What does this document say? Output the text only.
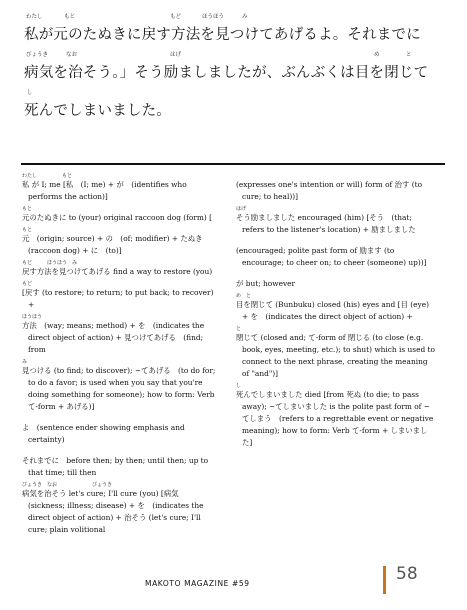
わたし	もと	もど	ほうほう	み
私が元のたぬきに戻す方法を見つけてあげるよ。それまでに
びょうき	なお	はげ	め	と
病気を治そう。」そう励ましましたが、ぶんぶくは目を閉じて
し
死んでしまいました。
わたし　　　　　もと
私 が I; me [私　(I; me) + が　(identifies who performs the action)]
もと
元のたぬきに to (your) original raccoon dog (form) [
もと
元　(origin; source) + の　(of; modifier) + たぬき (raccoon dog) + に　(to)]
もど　　　ほうほう　み
戻す方法を見つけてあげる find a way to restore (you)
もど
[戻す (to restore; to return; to put back; to recover) +
ほうほう
方法　(way; means; method) + を　(indicates the direct object of action) + 見つけてあげる　(find; from
み
見つける (to find; to discover); ~てあげる　(to do for; to do a favor; is used when you say that you're doing something for someone); how to form: Verb て-form + あげる)]
よ　(sentence ender showing emphasis and certainty)
それまでに　before then; by then; until then; up to that time; till then
びょうき　なお　　　　　　　びょうき
病気を治そう let's cure; I'll cure (you) [病気　(sickness; illness; disease) + を　(indicates the direct object of action) + 治そう (let's cure; I'll cure; plain volitional
(expresses one's intention or will) form of 治す (to cure; to heal))]
はげ
そう励ましました encouraged (him) [そう　(that; refers to the listener's location) + 励ましました
(encouraged; polite past form of 励ます (to encourage; to cheer on; to cheer (someone) up))]
が but; however
め　と
目を閉じて (Bunbuku) closed (his) eyes and [目 (eye) + を　(indicates the direct object of action) +
と
閉じて (closed and; て-form of 閉じる (to close (e.g. book, eyes, meeting, etc.); to shut) which is used to connect to the next phrase, creating the meaning of "and")]
し
死んでしまいました died [from 死ぬ (to die; to pass away); ~てしまいました is the polite past form of ~てしまう　(refers to a regrettable event or negative meaning); how to form: Verb て-form + しまいました]
MAKOTO MAGAZINE #59	58
